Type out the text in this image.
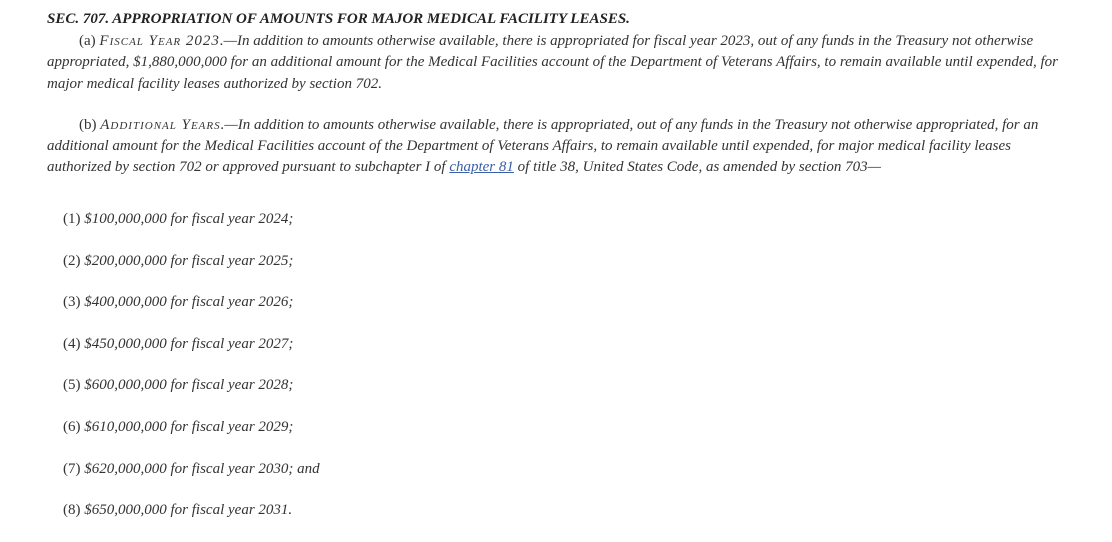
SEC. 707. APPROPRIATION OF AMOUNTS FOR MAJOR MEDICAL FACILITY LEASES.

(a) Fiscal Year 2023.—In addition to amounts otherwise available, there is appropriated for fiscal year 2023, out of any funds in the Treasury not otherwise appropriated, $1,880,000,000 for an additional amount for the Medical Facilities account of the Department of Veterans Affairs, to remain available until expended, for major medical facility leases authorized by section 702.

(b) Additional Years.—In addition to amounts otherwise available, there is appropriated, out of any funds in the Treasury not otherwise appropriated, for an additional amount for the Medical Facilities account of the Department of Veterans Affairs, to remain available until expended, for major medical facility leases authorized by section 702 or approved pursuant to subchapter I of chapter 81 of title 38, United States Code, as amended by section 703—

(1) $100,000,000 for fiscal year 2024;
(2) $200,000,000 for fiscal year 2025;
(3) $400,000,000 for fiscal year 2026;
(4) $450,000,000 for fiscal year 2027;
(5) $600,000,000 for fiscal year 2028;
(6) $610,000,000 for fiscal year 2029;
(7) $620,000,000 for fiscal year 2030; and
(8) $650,000,000 for fiscal year 2031.
